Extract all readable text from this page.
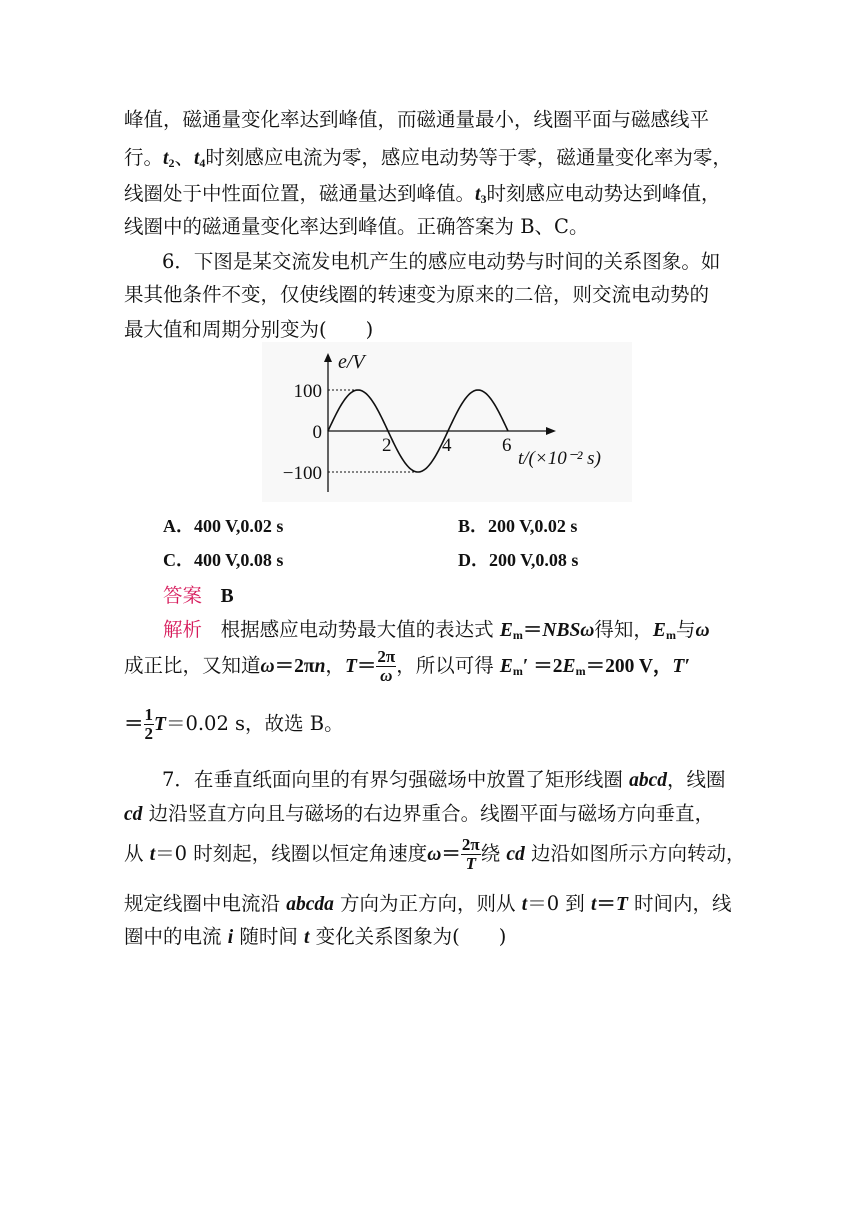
峰值，磁通量变化率达到峰值，而磁通量最小，线圈平面与磁感线平
行。$t_2$、$t_4$时刻感应电流为零，感应电动势等于零，磁通量变化率为零，
线圈处于中性面位置，磁通量达到峰值。$t_3$时刻感应电动势达到峰值，
线圈中的磁通量变化率达到峰值。正确答案为 B、C。
6．下图是某交流发电机产生的感应电动势与时间的关系图象。如
果其他条件不变，仅使线圈的转速变为原来的二倍，则交流电动势的
最大值和周期分别变为(　　)
e/V
t/(×10⁻² s)
100
0
−100
2	4	6
A．400 V,0.02 s	B．200 V,0.02 s
C．400 V,0.08 s	D．200 V,0.08 s
答案 B
解析 根据感应电动势最大值的表达式 $E_m=NBS\omega$得知，$E_m$与ω
成正比，又知道ω＝2πn，$T= \frac{2\pi}{\omega}$ ，所以可得 $E_m' =2E_m=200$ V，T′
＝ $\frac{1}{2} T=0.02$ s，故选 B。
7．在垂直纸面向里的有界匀强磁场中放置了矩形线圈 abcd，线圈
cd 边沿竖直方向且与磁场的右边界重合。线圈平面与磁场方向垂直，
从 t＝0 时刻起，线圈以恒定角速度$\omega= \frac{2\pi}{T}$ 绕 cd 边沿如图所示方向转动，
规定线圈中电流沿 abcda 方向为正方向，则从 t＝0 到 t＝T 时间内，线
圈中的电流 i 随时间 t 变化关系图象为(　　)
